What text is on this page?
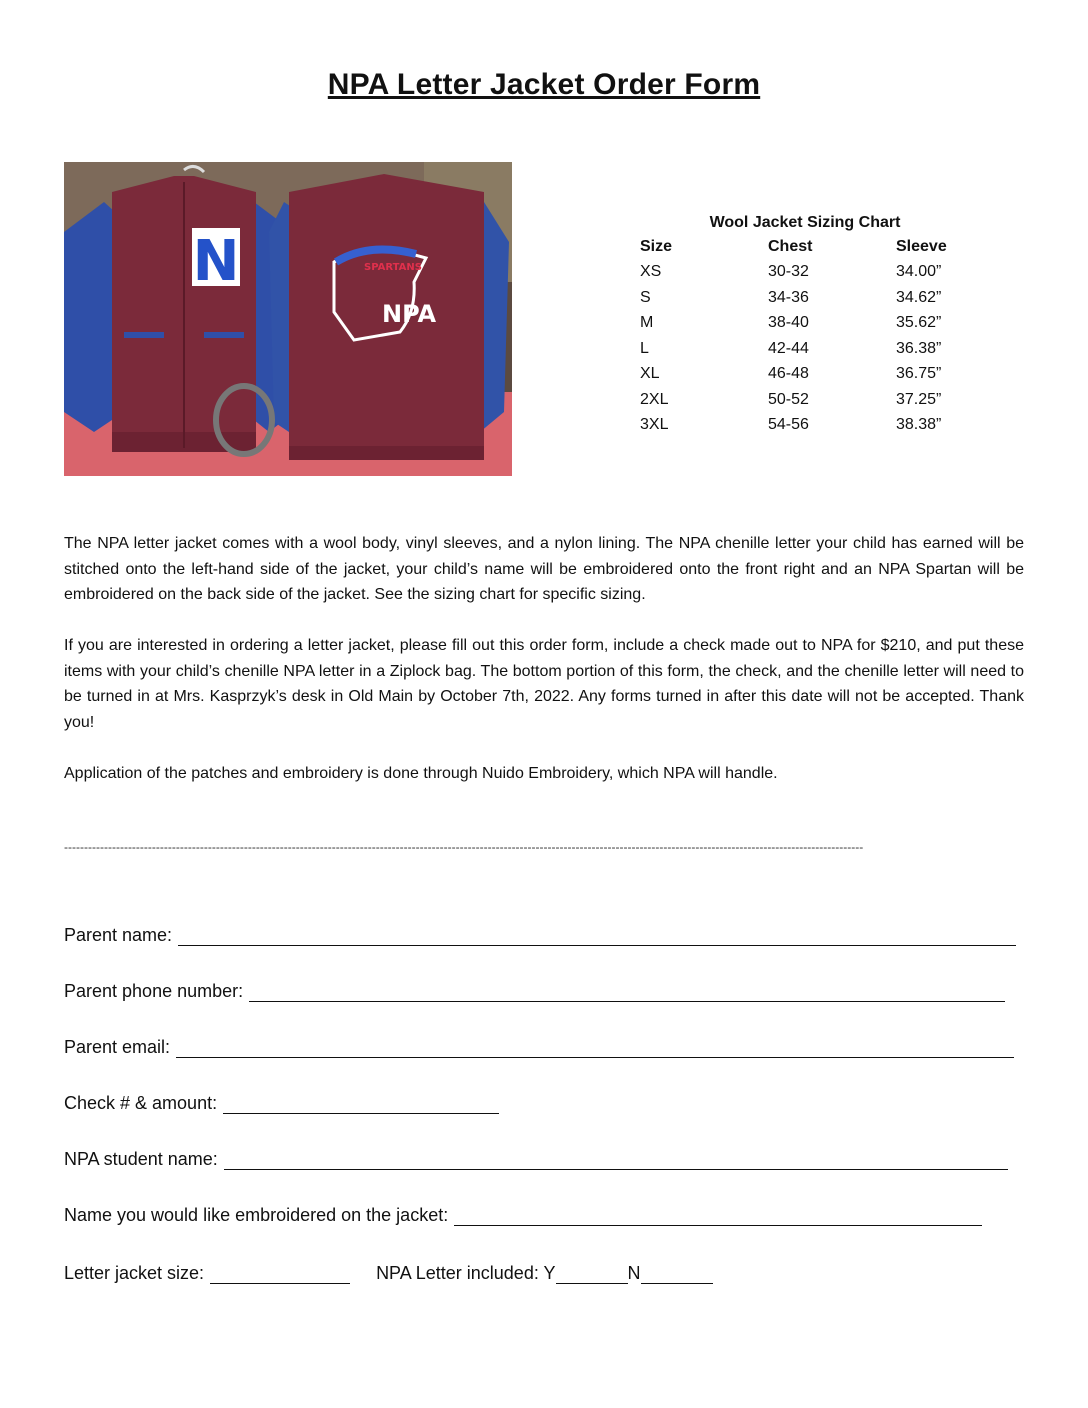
NPA Letter Jacket Order Form
N	SPARTANS
NPA
Wool Jacket Sizing Chart
Size	Chest	Sleeve
XS	30-32	34.00”
S	34-36	34.62”
M	38-40	35.62”
L	42-44	36.38”
XL	46-48	36.75”
2XL	50-52	37.25”
3XL	54-56	38.38”
The NPA letter jacket comes with a wool body, vinyl sleeves, and a nylon lining. The NPA chenille letter your child has earned will be stitched onto the left-hand side of the jacket, your child’s name will be embroidered onto the front right and an NPA Spartan will be embroidered on the back side of the jacket. See the sizing chart for specific sizing.
If you are interested in ordering a letter jacket, please fill out this order form, include a check made out to NPA for $210, and put these items with your child’s chenille NPA letter in a Ziplock bag. The bottom portion of this form, the check, and the chenille letter will need to be turned in at Mrs. Kasprzyk’s desk in Old Main by October 7th, 2022. Any forms turned in after this date will not be accepted. Thank you!
Application of the patches and embroidery is done through Nuido Embroidery, which NPA will handle.
--------------------------------------------------------------------------------------------------------------------------------------------------------------------------------------------------------
Parent name:
Parent phone number:
Parent email:
Check # & amount:
NPA student name:
Name you would like embroidered on the jacket:
Letter jacket size:	NPA Letter included: Y	N
